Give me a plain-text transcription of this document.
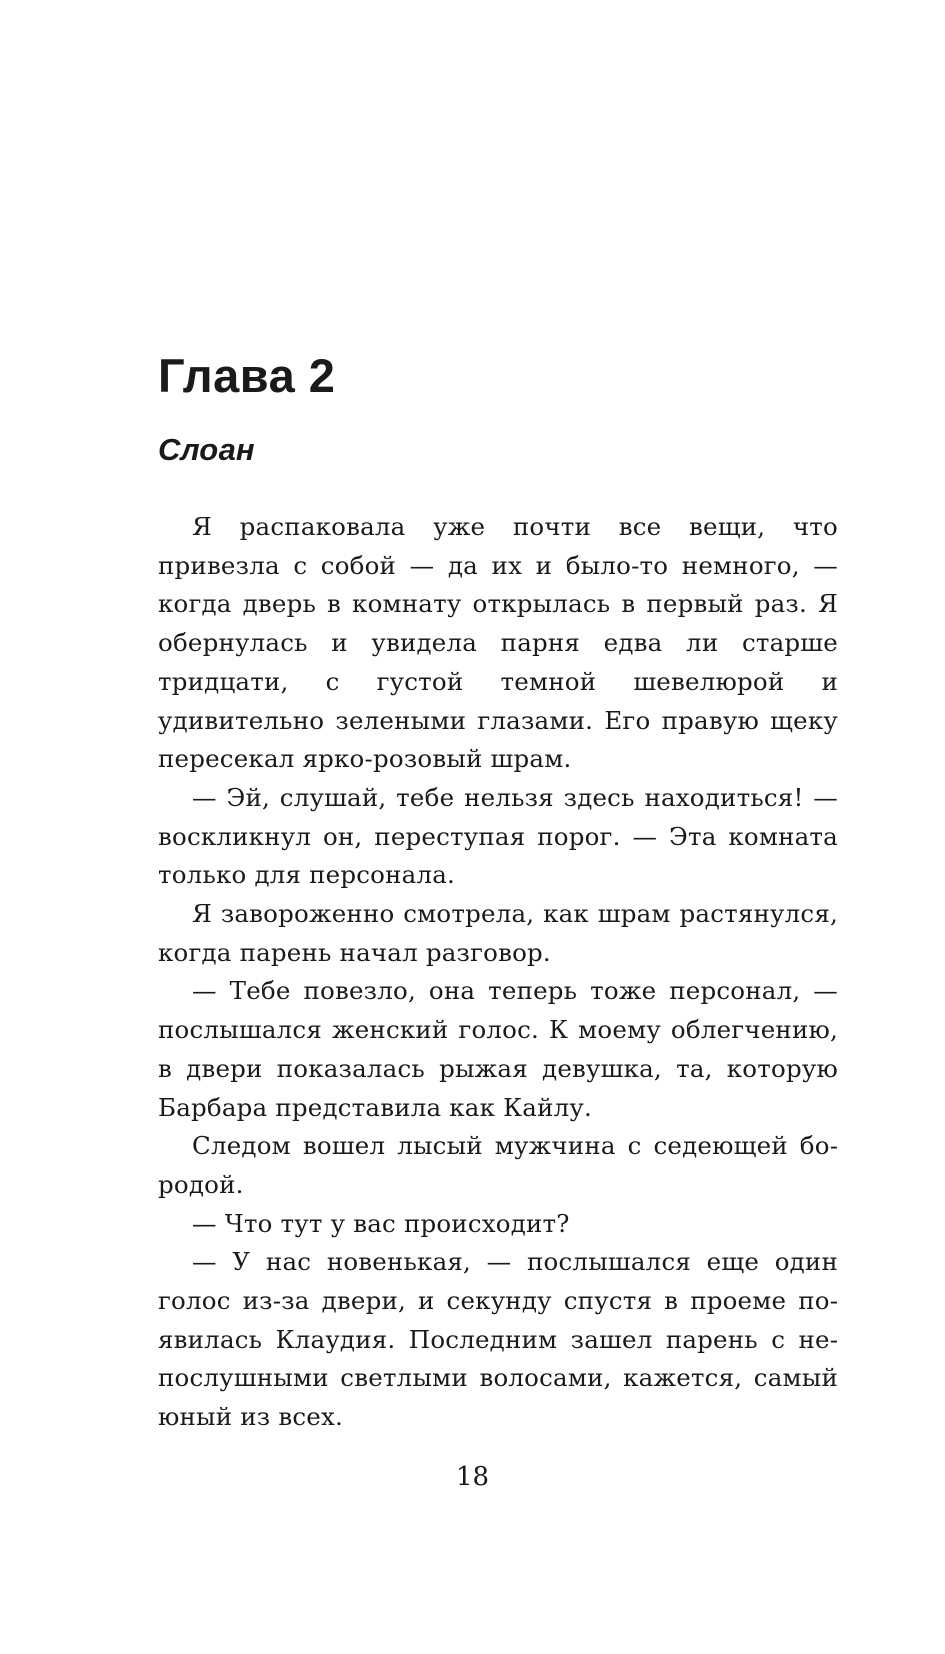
Глава 2
Слоан

Я распаковала уже почти все вещи, что привезла с собой — да их и было-то немного, — когда дверь в комнату открылась в первый раз. Я обернулась и увидела парня едва ли старше тридцати, с густой темной шевелюрой и удивительно зелеными глазами. Его правую щеку пересекал ярко-розовый шрам.

— Эй, слушай, тебе нельзя здесь находиться! — воскликнул он, переступая порог. — Эта комната только для персонала.

Я завороженно смотрела, как шрам растянулся, когда парень начал разговор.

— Тебе повезло, она теперь тоже персонал, — послышался женский голос. К моему облегчению, в двери показалась рыжая девушка, та, которую Барбара представила как Кайлу.

Следом вошел лысый мужчина с седеющей бородой.

— Что тут у вас происходит?

— У нас новенькая, — послышался еще один голос из-за двери, и секунду спустя в проеме появилась Клаудия. Последним зашел парень с непослушными светлыми волосами, кажется, самый юный из всех.

18
